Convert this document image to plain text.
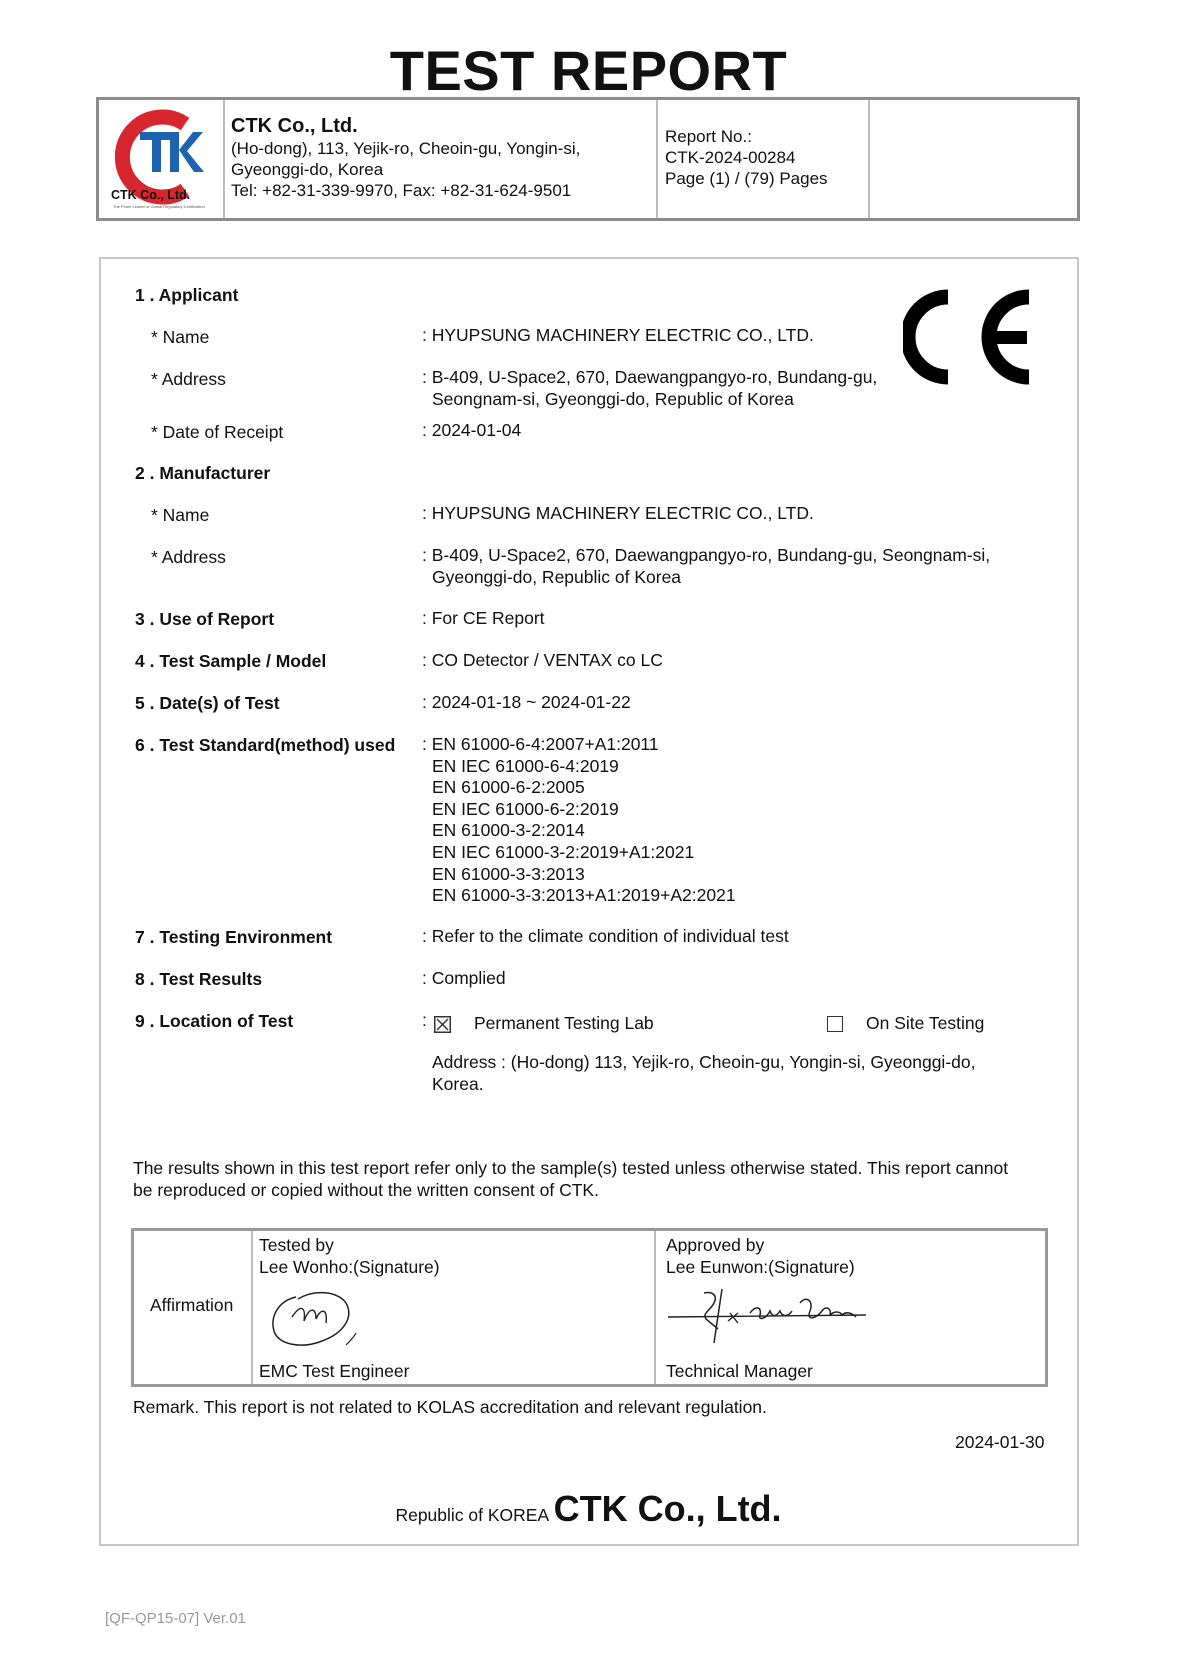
TEST REPORT
CTK Co., Ltd.
The Prime Leader of Global Regulatory Certification
CTK Co., Ltd.
(Ho-dong), 113, Yejik-ro, Cheoin-gu, Yongin-si,
Gyeonggi-do, Korea
Tel: +82-31-339-9970, Fax: +82-31-624-9501
Report No.:
CTK-2024-00284
Page (1) / (79) Pages
1 . Applicant
* Name	: HYUPSUNG MACHINERY ELECTRIC CO., LTD.
* Address	: B-409, U-Space2, 670, Daewangpangyo-ro, Bundang-gu,
Seongnam-si, Gyeonggi-do, Republic of Korea
* Date of Receipt	: 2024-01-04
2 . Manufacturer
* Name	: HYUPSUNG MACHINERY ELECTRIC CO., LTD.
* Address	: B-409, U-Space2, 670, Daewangpangyo-ro, Bundang-gu, Seongnam-si,
Gyeonggi-do, Republic of Korea
3 . Use of Report	: For CE Report
4 . Test Sample / Model	: CO Detector / VENTAX co LC
5 . Date(s) of Test	: 2024-01-18 ~ 2024-01-22
6 . Test Standard(method) used : EN 61000-6-4:2007+A1:2011
EN IEC 61000-6-4:2019
EN 61000-6-2:2005
EN IEC 61000-6-2:2019
EN 61000-3-2:2014
EN IEC 61000-3-2:2019+A1:2021
EN 61000-3-3:2013
EN 61000-3-3:2013+A1:2019+A2:2021
7 . Testing Environment	: Refer to the climate condition of individual test
8 . Test Results	: Complied
9 . Location of Test	:	Permanent Testing Lab	On Site Testing
Address : (Ho-dong) 113, Yejik-ro, Cheoin-gu, Yongin-si, Gyeonggi-do,
Korea.
The results shown in this test report refer only to the sample(s) tested unless otherwise stated. This report cannot
be reproduced or copied without the written consent of CTK.
Affirmation
Tested by
Lee Wonho:(Signature)
EMC Test Engineer
Approved by
Lee Eunwon:(Signature)
Technical Manager
Remark. This report is not related to KOLAS accreditation and relevant regulation.
2024-01-30
Republic of KOREA CTK Co., Ltd.
[QF-QP15-07] Ver.01
